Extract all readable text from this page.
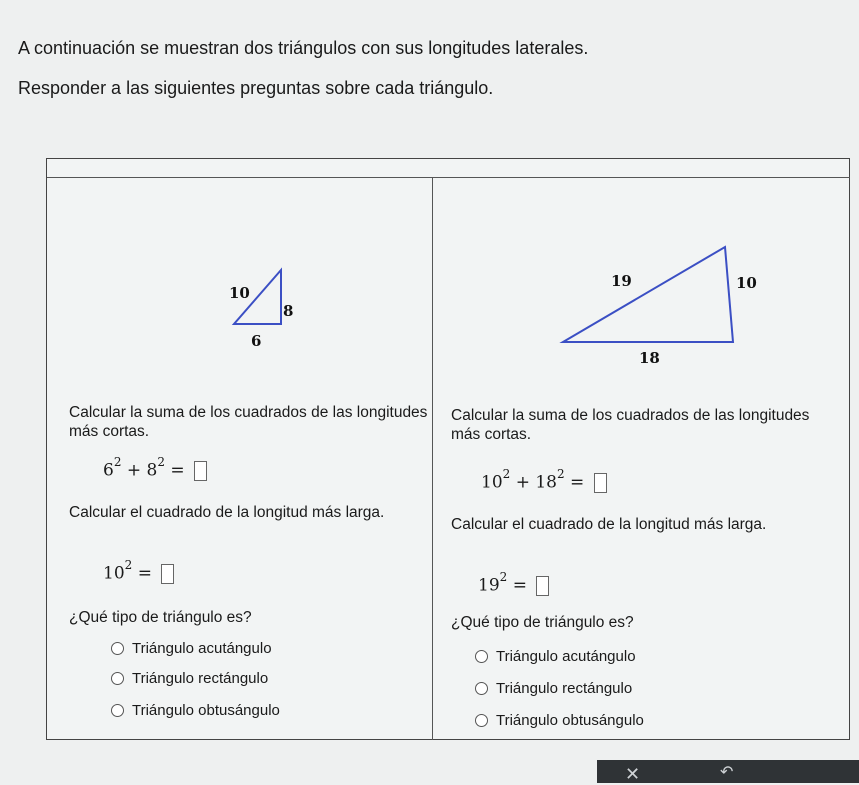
A continuación se muestran dos triángulos con sus longitudes laterales.
Responder a las siguientes preguntas sobre cada triángulo.
10
8
6
Calcular la suma de los cuadrados de las longitudes más cortas.
$6^2 + 8^2$ =
Calcular el cuadrado de la longitud más larga.
$10^2$ =
¿Qué tipo de triángulo es?
Triángulo acutángulo
Triángulo rectángulo
Triángulo obtusángulo
19	10
18
Calcular la suma de los cuadrados de las longitudes más cortas.
$10^2 + 18^2$ =
Calcular el cuadrado de la longitud más larga.
$19^2$ =
¿Qué tipo de triángulo es?
Triángulo acutángulo
Triángulo rectángulo
Triángulo obtusángulo
✕	↶
